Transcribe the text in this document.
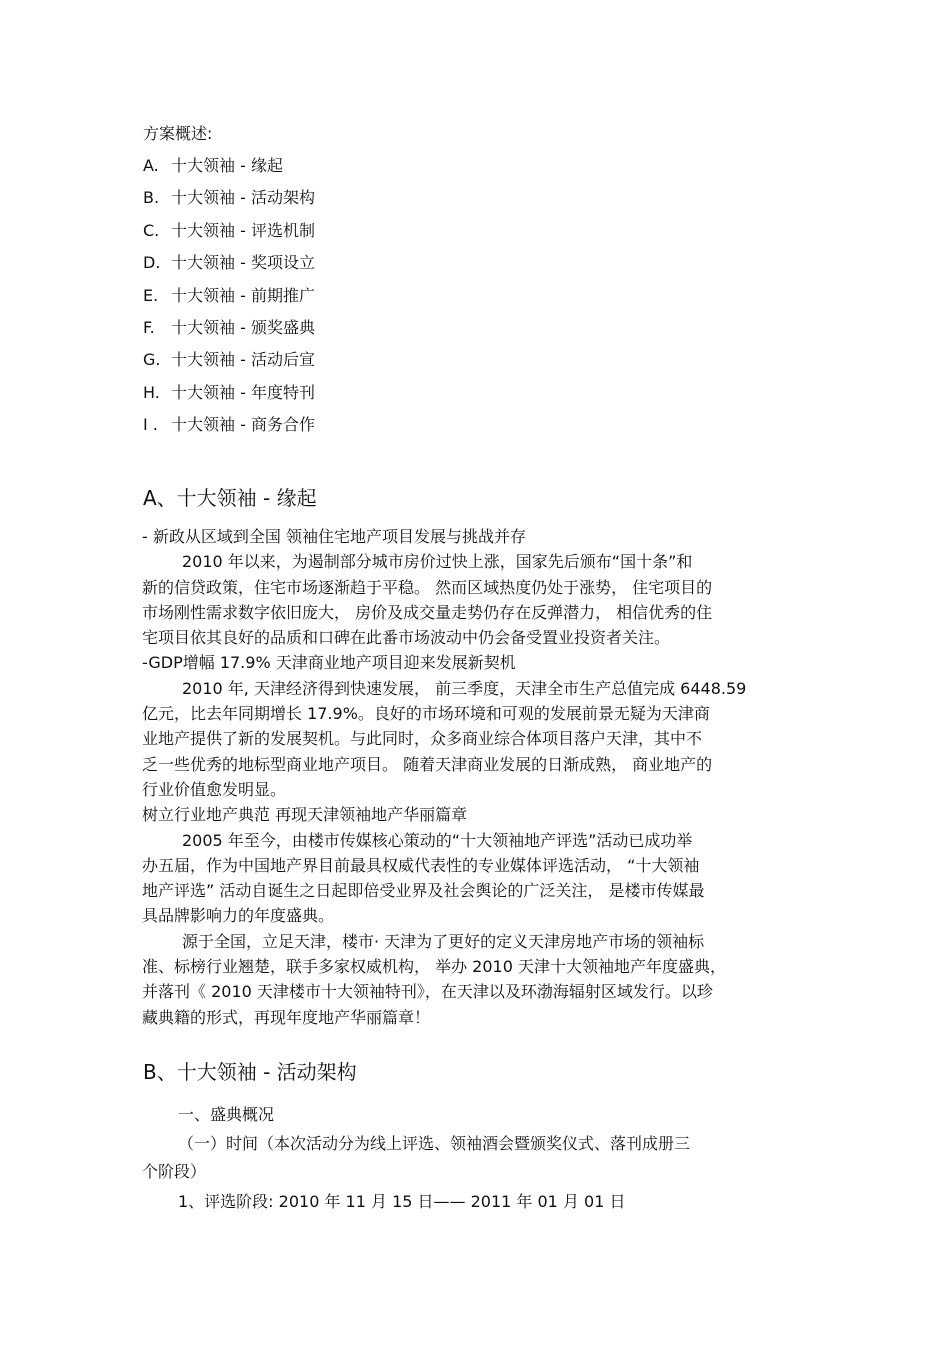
方案概述:
A. 十大领袖 - 缘起
B. 十大领袖 - 活动架构
C. 十大领袖 - 评选机制
D. 十大领袖 - 奖项设立
E. 十大领袖 - 前期推广
F. 十大领袖 - 颁奖盛典
G. 十大领袖 - 活动后宣
H. 十大领袖 - 年度特刊
I . 十大领袖 - 商务合作
A、十大领袖 - 缘起
- 新政从区域到全国 领袖住宅地产项目发展与挑战并存
2010 年以来，为遏制部分城市房价过快上涨，国家先后颁布“国十条”和
新的信贷政策，住宅市场逐渐趋于平稳。 然而区域热度仍处于涨势， 住宅项目的
市场刚性需求数字依旧庞大， 房价及成交量走势仍存在反弹潜力， 相信优秀的住
宅项目依其良好的品质和口碑在此番市场波动中仍会备受置业投资者关注。
-GDP增幅 17.9% 天津商业地产项目迎来发展新契机
2010 年, 天津经济得到快速发展， 前三季度，天津全市生产总值完成 6448.59
亿元，比去年同期增长 17.9%。良好的市场环境和可观的发展前景无疑为天津商
业地产提供了新的发展契机。与此同时，众多商业综合体项目落户天津，其中不
乏一些优秀的地标型商业地产项目。 随着天津商业发展的日渐成熟， 商业地产的
行业价值愈发明显。
树立行业地产典范 再现天津领袖地产华丽篇章
2005 年至今，由楼市传媒核心策动的“十大领袖地产评选”活动已成功举
办五届，作为中国地产界目前最具权威代表性的专业媒体评选活动， “十大领袖
地产评选” 活动自诞生之日起即倍受业界及社会舆论的广泛关注， 是楼市传媒最
具品牌影响力的年度盛典。
源于全国，立足天津，楼市· 天津为了更好的定义天津房地产市场的领袖标
准、标榜行业翘楚，联手多家权威机构， 举办 2010 天津十大领袖地产年度盛典，
并落刊《 2010 天津楼市十大领袖特刊》，在天津以及环渤海辐射区域发行。以珍
藏典籍的形式，再现年度地产华丽篇章！
B、十大领袖 - 活动架构
一、盛典概况
（一）时间（本次活动分为线上评选、领袖酒会暨颁奖仪式、落刊成册三
个阶段）
1、评选阶段: 2010 年 11 月 15 日—— 2011 年 01 月 01 日
